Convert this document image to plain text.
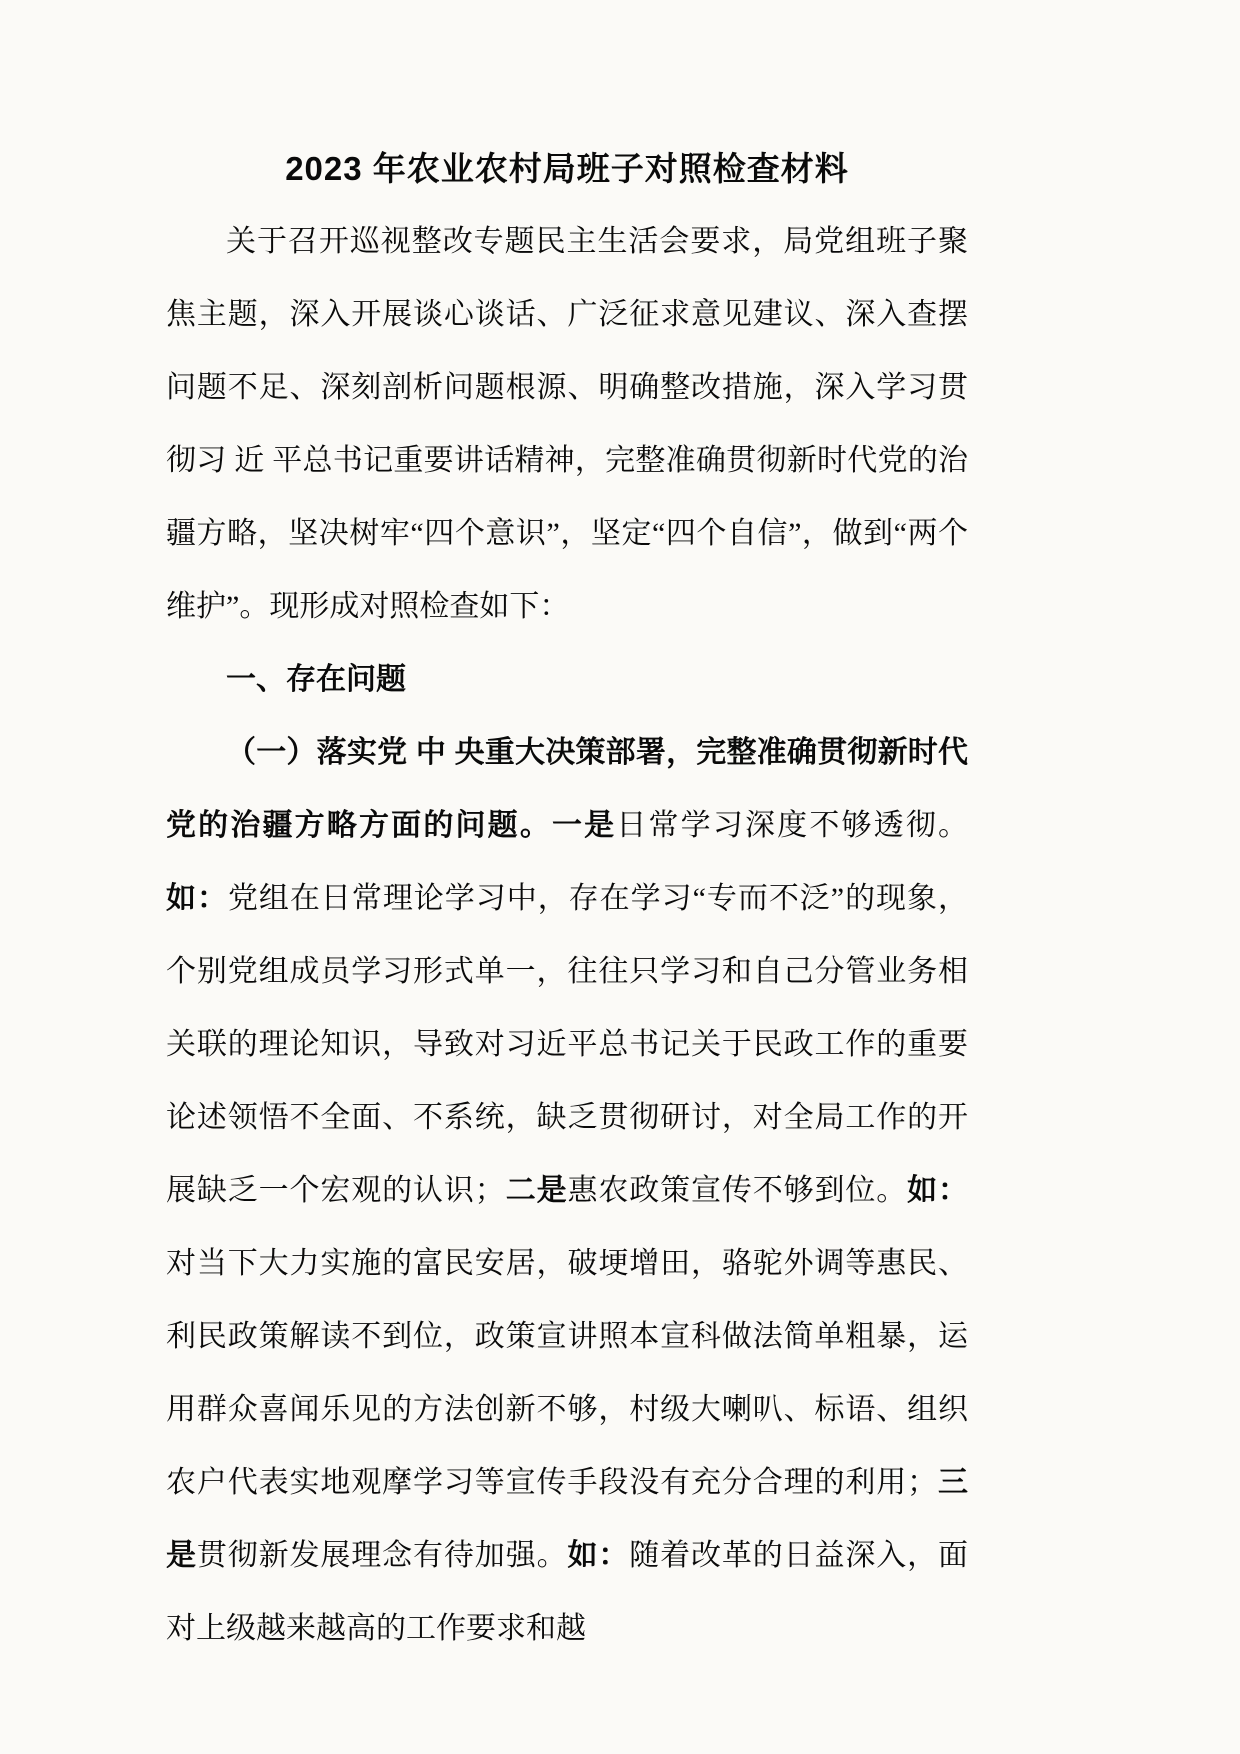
2023 年农业农村局班子对照检查材料

关于召开巡视整改专题民主生活会要求，局党组班子聚焦主题，深入开展谈心谈话、广泛征求意见建议、深入查摆问题不足、深刻剖析问题根源、明确整改措施，深入学习贯彻习 近 平总书记重要讲话精神，完整准确贯彻新时代党的治疆方略，坚决树牢“四个意识”，坚定“四个自信”，做到“两个维护”。现形成对照检查如下：

一、存在问题

（一）落实党 中 央重大决策部署，完整准确贯彻新时代党的治疆方略方面的问题。一是日常学习深度不够透彻。如：党组在日常理论学习中，存在学习“专而不泛”的现象，个别党组成员学习形式单一，往往只学习和自己分管业务相关联的理论知识，导致对习近平总书记关于民政工作的重要论述领悟不全面、不系统，缺乏贯彻研讨，对全局工作的开展缺乏一个宏观的认识；二是惠农政策宣传不够到位。如：对当下大力实施的富民安居，破埂增田，骆驼外调等惠民、利民政策解读不到位，政策宣讲照本宣科做法简单粗暴，运用群众喜闻乐见的方法创新不够，村级大喇叭、标语、组织农户代表实地观摩学习等宣传手段没有充分合理的利用；三是贯彻新发展理念有待加强。如：随着改革的日益深入，面对上级越来越高的工作要求和越
